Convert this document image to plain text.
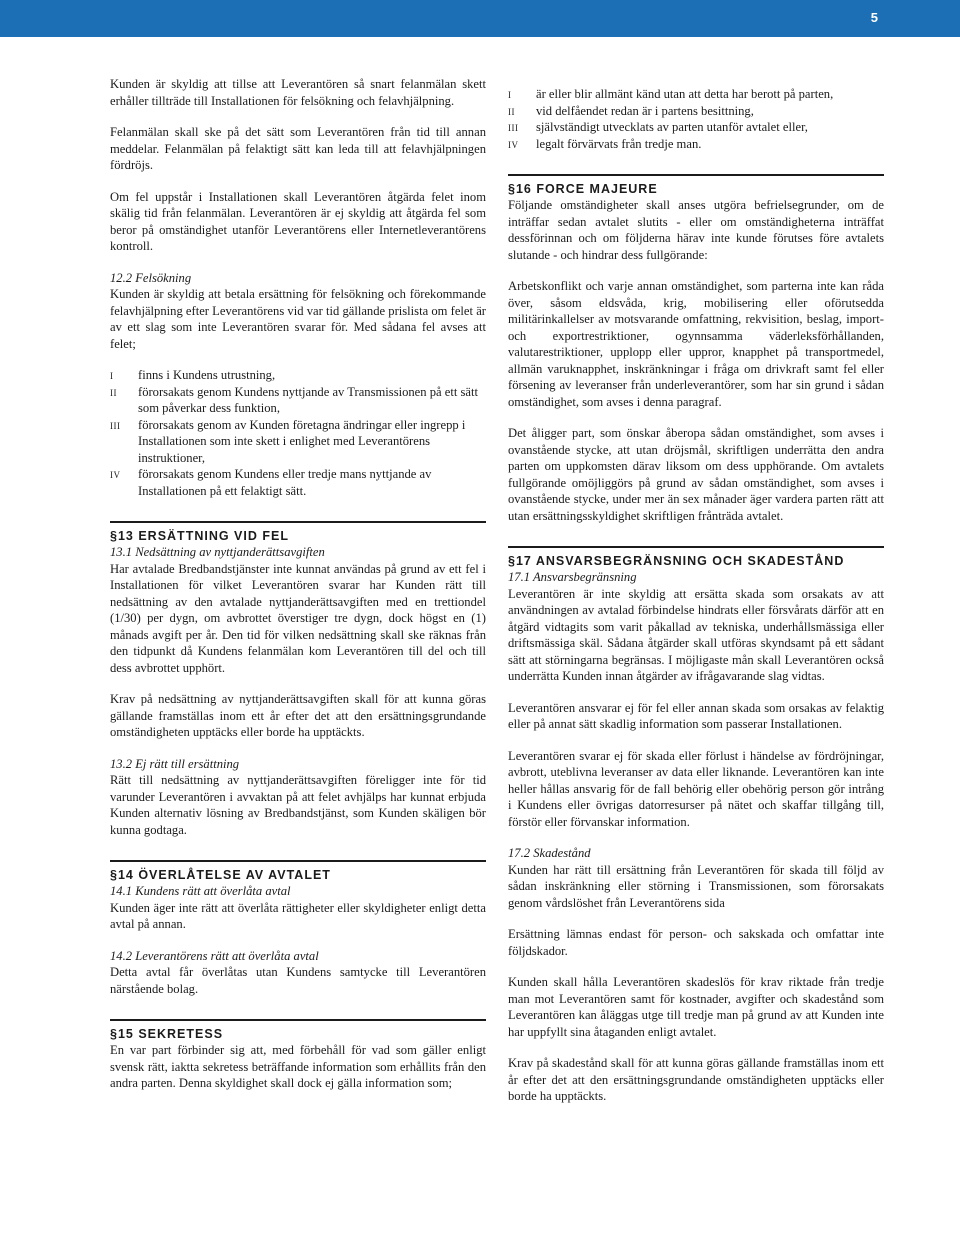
5

Kunden är skyldig att tillse att Leverantören så snart felanmälan skett erhåller tillträde till Installationen för felsökning och felavhjälpning.

Felanmälan skall ske på det sätt som Leverantören från tid till annan meddelar. Felanmälan på felaktigt sätt kan leda till att felavhjälpningen fördröjs.

Om fel uppstår i Installationen skall Leverantören åtgärda felet inom skälig tid från felanmälan. Leverantören är ej skyldig att åtgärda fel som beror på omständighet utanför Leverantörens eller Internetleverantörens kontroll.

12.2 Felsökning
Kunden är skyldig att betala ersättning för felsökning och förekommande felavhjälpning efter Leverantörens vid var tid gällande prislista om felet är av ett slag som inte Leverantören svarar för. Med sådana fel avses att felet;

i	finns i Kundens utrustning,
ii	förorsakats genom Kundens nyttjande av Transmissionen på ett sätt som påverkar dess funktion,
iii	förorsakats genom av Kunden företagna ändringar eller ingrepp i Installationen som inte skett i enlighet med Leverantörens instruktioner,
iv	förorsakats genom Kundens eller tredje mans nyttjande av Installationen på ett felaktigt sätt.
§13 ERSÄTTNING VID FEL
13.1 Nedsättning av nyttjanderättsavgiften

Har avtalade Bredbandstjänster inte kunnat användas på grund av ett fel i Installationen för vilket Leverantören svarar har Kunden rätt till nedsättning av den avtalade nyttjanderättsavgiften med en trettiondel (1/30) per dygn, om avbrottet överstiger tre dygn, dock högst en (1) månads avgift per år. Den tid för vilken nedsättning skall ske räknas från den tidpunkt då Kundens felanmälan kom Leverantören till del och till dess avbrottet upphört.

Krav på nedsättning av nyttjanderättsavgiften skall för att kunna göras gällande framställas inom ett år efter det att den ersättningsgrundande omständigheten upptäcks eller borde ha upptäckts.

13.2 Ej rätt till ersättning

Rätt till nedsättning av nyttjanderättsavgiften föreligger inte för tid varunder Leverantören i avvaktan på att felet avhjälps har kunnat erbjuda Kunden alternativ lösning av Bredbandstjänst, som Kunden skäligen bör kunna godtaga.

§14 ÖVERLÅTELSE AV AVTALET
14.1 Kundens rätt att överlåta avtal

Kunden äger inte rätt att överlåta rättigheter eller skyldigheter enligt detta avtal på annan.

14.2 Leverantörens rätt att överlåta avtal

Detta avtal får överlåtas utan Kundens samtycke till Leverantören närstående bolag.

§15 SEKRETESS

En var part förbinder sig att, med förbehåll för vad som gäller enligt svensk rätt, iaktta sekretess beträffande information som erhållits från den andra parten. Denna skyldighet skall dock ej gälla information som;

i	är eller blir allmänt känd utan att detta har berott på parten,
ii	vid delfåendet redan är i partens besittning,
iii	självständigt utvecklats av parten utanför avtalet eller,
iv	legalt förvärvats från tredje man.
§16 FORCE MAJEURE

Följande omständigheter skall anses utgöra befrielsegrunder, om de inträffar sedan avtalet slutits - eller om omständigheterna inträffat dessförinnan och om följderna härav inte kunde förutses före avtalets slutande - och hindrar dess fullgörande:

Arbetskonflikt och varje annan omständighet, som parterna inte kan råda över, såsom eldsvåda, krig, mobilisering eller oförutsedda militärinkallelser av motsvarande omfattning, rekvisition, beslag, import- och exportrestriktioner, ogynnsamma väderleksförhållanden, valutarestriktioner, upplopp eller uppror, knapphet på transportmedel, allmän varuknapphet, inskränkningar i fråga om drivkraft samt fel eller försening av leveranser från underleverantörer, som har sin grund i sådan omständighet, som avses i denna paragraf.

Det åligger part, som önskar åberopa sådan omständighet, som avses i ovanstående stycke, att utan dröjsmål, skriftligen underrätta den andra parten om uppkomsten därav liksom om dess upphörande. Om avtalets fullgörande omöjliggörs på grund av sådan omständighet, som avses i ovanstående stycke, under mer än sex månader äger vardera parten rätt att utan ersättningsskyldighet skriftligen frånträda avtalet.

§17 ANSVARSBEGRÄNSNING OCH SKADESTÅND
17.1 Ansvarsbegränsning

Leverantören är inte skyldig att ersätta skada som orsakats av att användningen av avtalad förbindelse hindrats eller försvårats därför att en åtgärd vidtagits som varit påkallad av tekniska, underhållsmässiga eller driftsmässiga skäl. Sådana åtgärder skall utföras skyndsamt på ett sådant sätt att störningarna begränsas. I möjligaste mån skall Leverantören också underrätta Kunden innan åtgärder av ifrågavarande slag vidtas.

Leverantören ansvarar ej för fel eller annan skada som orsakas av felaktig eller på annat sätt skadlig information som passerar Installationen.

Leverantören svarar ej för skada eller förlust i händelse av fördröjningar, avbrott, uteblivna leveranser av data eller liknande. Leverantören kan inte heller hållas ansvarig för de fall behörig eller obehörig person gör intrång i Kundens eller övrigas datorresurser på nätet och skaffar tillgång till, förstör eller förvanskar information.

17.2 Skadestånd

Kunden har rätt till ersättning från Leverantören för skada till följd av sådan inskränkning eller störning i Transmissionen, som förorsakats genom vårdslöshet från Leverantörens sida

Ersättning lämnas endast för person- och sakskada och omfattar inte följdskador.

Kunden skall hålla Leverantören skadeslös för krav riktade från tredje man mot Leverantören samt för kostnader, avgifter och skadestånd som Leverantören kan åläggas utge till tredje man på grund av att Kunden inte har uppfyllt sina åtaganden enligt avtalet.

Krav på skadestånd skall för att kunna göras gällande framställas inom ett år efter det att den ersättningsgrundande omständigheten upptäcks eller borde ha upptäckts.
